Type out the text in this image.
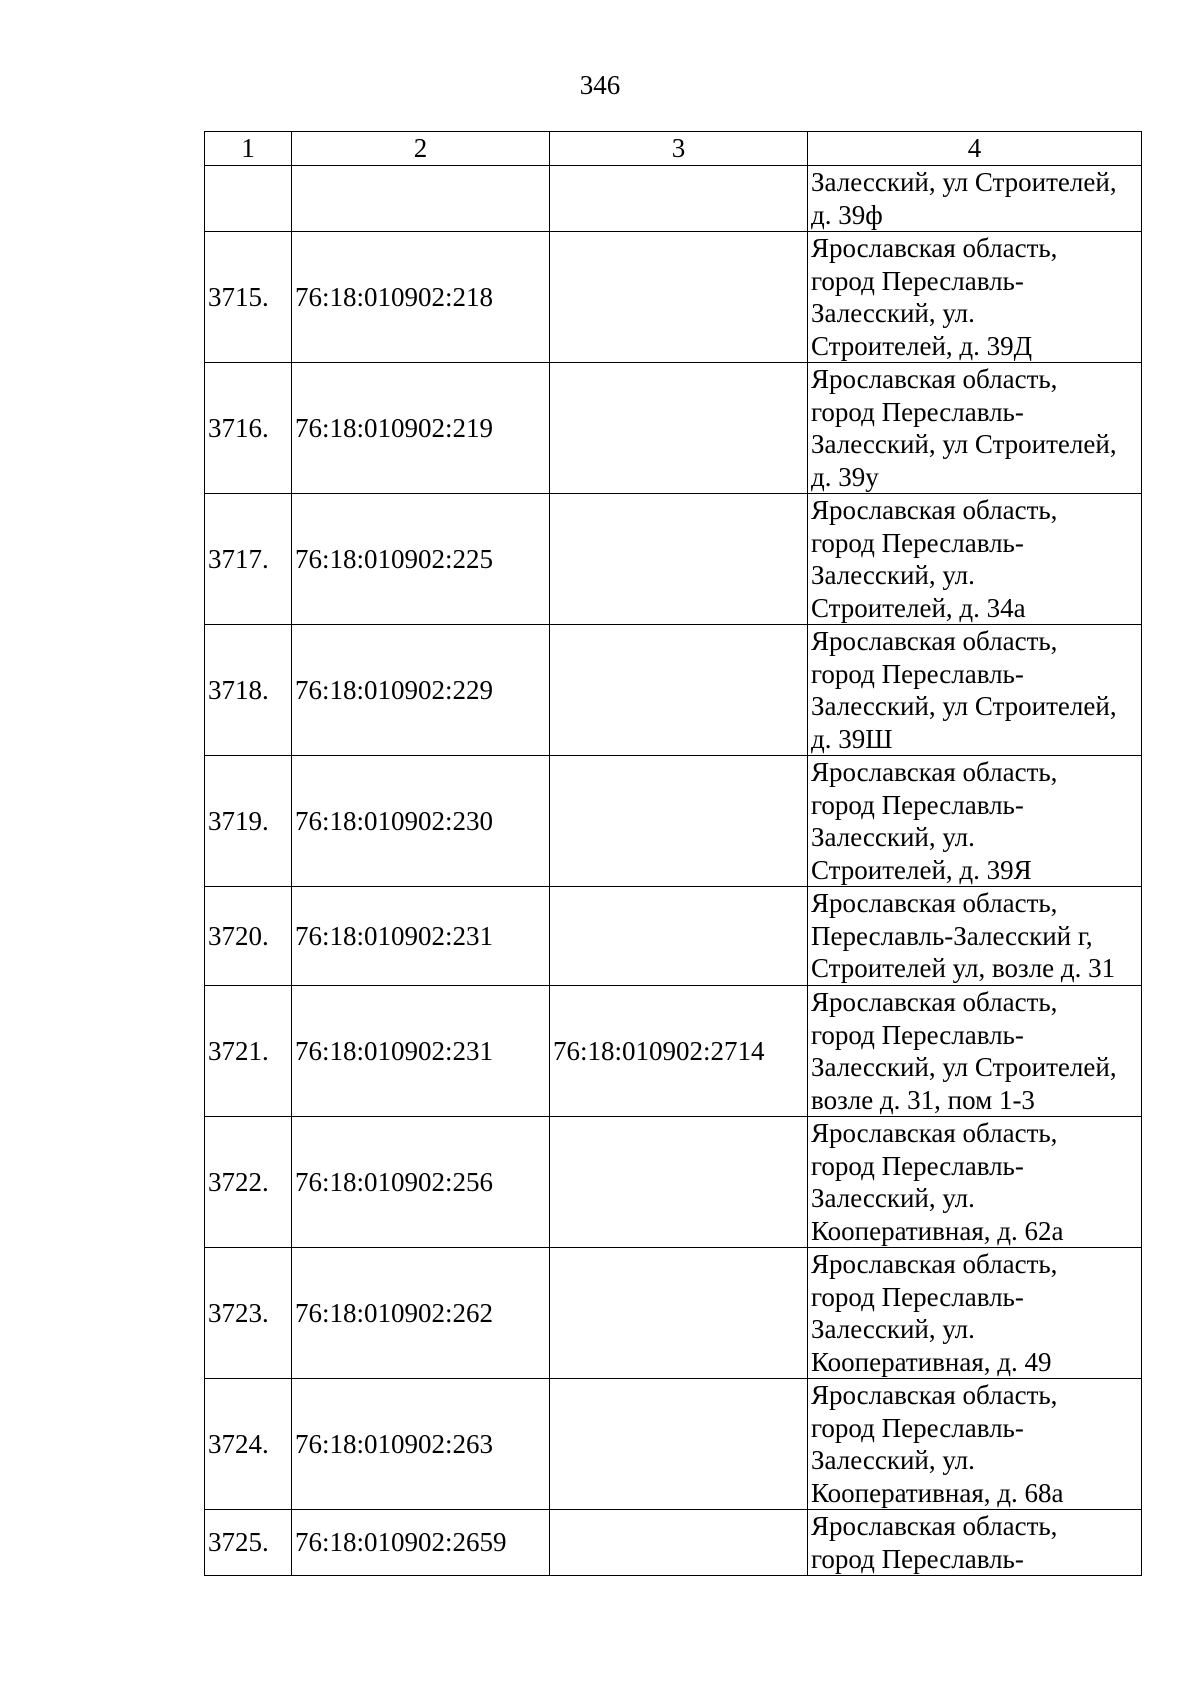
346
1	2	3	4
			Залесский, ул Строителей,
д. 39ф
3715.	76:18:010902:218		Ярославская область,
город Переславль-
Залесский, ул.
Строителей, д. 39Д
3716.	76:18:010902:219		Ярославская область,
город Переславль-
Залесский, ул Строителей,
д. 39у
3717.	76:18:010902:225		Ярославская область,
город Переславль-
Залесский, ул.
Строителей, д. 34а
3718.	76:18:010902:229		Ярославская область,
город Переславль-
Залесский, ул Строителей,
д. 39Ш
3719.	76:18:010902:230		Ярославская область,
город Переславль-
Залесский, ул.
Строителей, д. 39Я
3720.	76:18:010902:231		Ярославская область,
Переславль-Залесский г,
Строителей ул, возле д. 31
3721.	76:18:010902:231	76:18:010902:2714	Ярославская область,
город Переславль-
Залесский, ул Строителей,
возле д. 31, пом 1-3
3722.	76:18:010902:256		Ярославская область,
город Переславль-
Залесский, ул.
Кооперативная, д. 62а
3723.	76:18:010902:262		Ярославская область,
город Переславль-
Залесский, ул.
Кооперативная, д. 49
3724.	76:18:010902:263		Ярославская область,
город Переславль-
Залесский, ул.
Кооперативная, д. 68а
3725.	76:18:010902:2659		Ярославская область,
город Переславль-
